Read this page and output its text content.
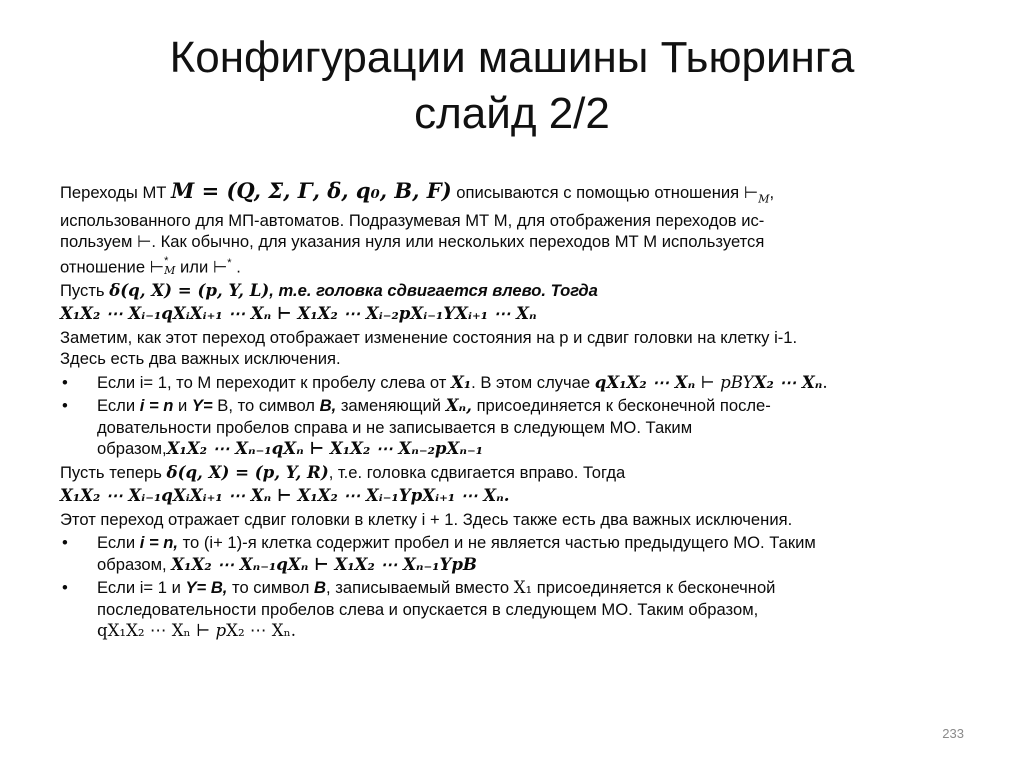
Конфигурации машины Тьюринга
слайд 2/2
Переходы МТ M = (Q, Σ, Γ, δ, q₀, B, F) описываются с помощью отношения $⊢_M$,
использованного для МП-автоматов. Подразумевая МТ М, для отображения переходов ис-
пользуем ⊢. Как обычно, для указания нуля или нескольких переходов МТ М используется
отношение ⊢ *
M или ⊢* .
Пусть δ(q, X) = (p, Y, L), т.е. головка сдвигается влево. Тогда
X₁X₂ ⋯ Xᵢ₋₁qXᵢXᵢ₊₁ ⋯ Xₙ ⊢ X₁X₂ ⋯ Xᵢ₋₂pXᵢ₋₁YXᵢ₊₁ ⋯ Xₙ
Заметим, как этот переход отображает изменение состояния на p и сдвиг головки на клетку i-1.
Здесь есть два важных исключения.
• Если i= 1, то М переходит к пробелу слева от X₁. В этом случае qX₁X₂ ⋯ Xₙ ⊢ pBYX₂ ⋯ Xₙ.
• Если i = n и Y= В, то символ B, заменяющий Xₙ, присоединяется к бесконечной после-
довательности пробелов справа и не записывается в следующем МО. Таким
образом,X₁X₂ ⋯ Xₙ₋₁qXₙ ⊢ X₁X₂ ⋯ Xₙ₋₂pXₙ₋₁
Пусть теперь δ(q, X) = (p, Y, R), т.е. головка сдвигается вправо. Тогда
X₁X₂ ⋯ Xᵢ₋₁qXᵢXᵢ₊₁ ⋯ Xₙ ⊢ X₁X₂ ⋯ Xᵢ₋₁YpXᵢ₊₁ ⋯ Xₙ.
Этот переход отражает сдвиг головки в клетку i + 1. Здесь также есть два важных исключения.
• Если i = n, то (i+ 1)-я клетка содержит пробел и не является частью предыдущего МО. Таким
образом, X₁X₂ ⋯ Xₙ₋₁qXₙ ⊢ X₁X₂ ⋯ Xₙ₋₁YpB
• Если i= 1 и Y= B, то символ B, записываемый вместо X₁ присоединяется к бесконечной
последовательности пробелов слева и опускается в следующем МО. Таким образом,
qX₁X₂ ⋯ Xₙ ⊢ pX₂ ⋯ Xₙ.
233
